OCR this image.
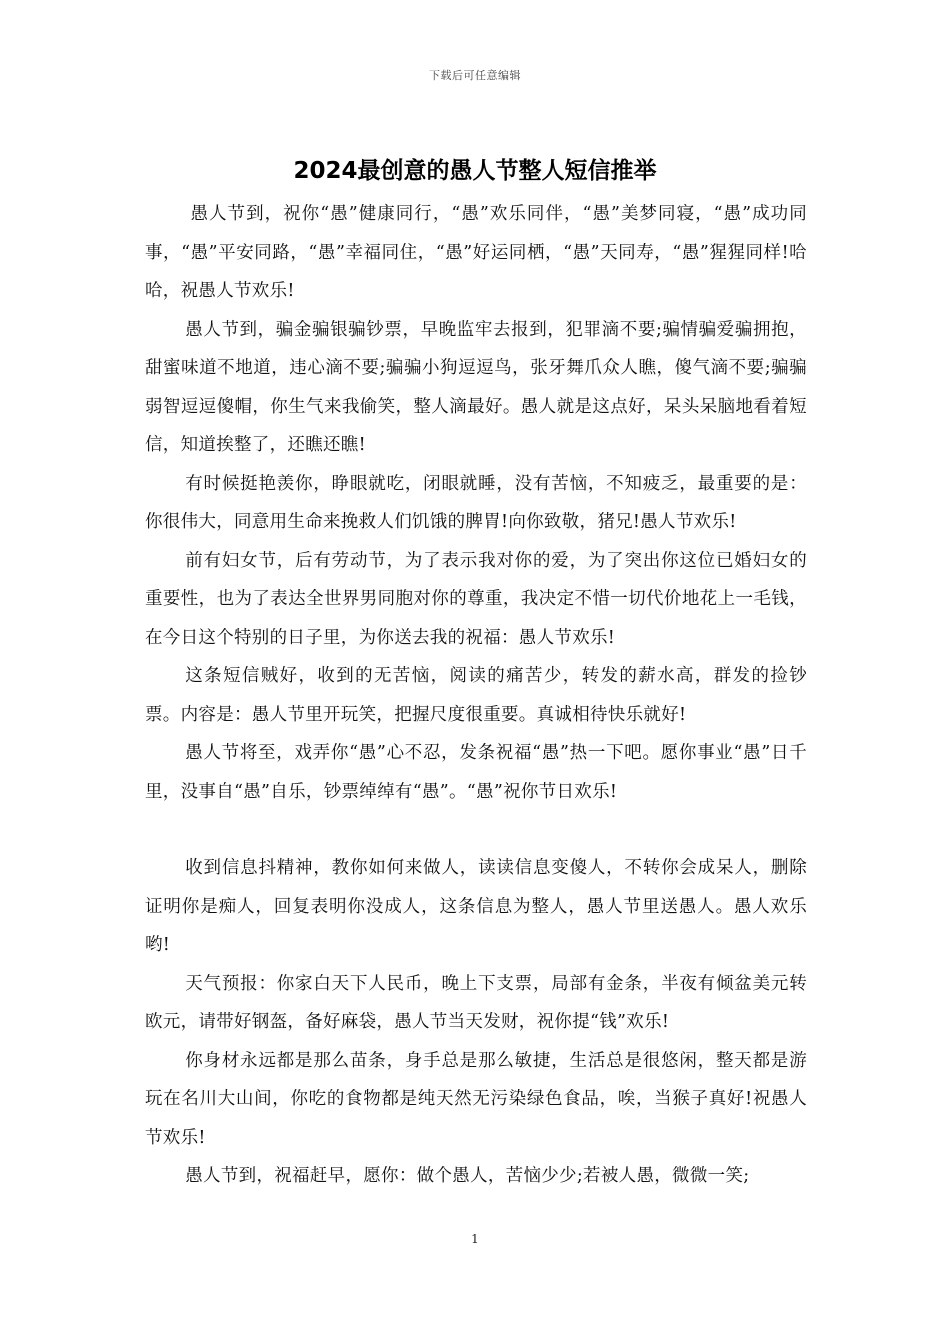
下载后可任意编辑
2024最创意的愚人节整人短信推举

愚人节到，祝你“愚”健康同行，“愚”欢乐同伴，“愚”美梦同寝，“愚”成功同事，“愚”平安同路，“愚”幸福同住，“愚”好运同栖，“愚”天同寿，“愚”猩猩同样!哈哈，祝愚人节欢乐!

愚人节到，骗金骗银骗钞票，早晚监牢去报到，犯罪滴不要;骗情骗爱骗拥抱，甜蜜味道不地道，违心滴不要;骗骗小狗逗逗鸟，张牙舞爪众人瞧，傻气滴不要;骗骗弱智逗逗傻帽，你生气来我偷笑，整人滴最好。愚人就是这点好，呆头呆脑地看着短信，知道挨整了，还瞧还瞧!

有时候挺艳羡你，睁眼就吃，闭眼就睡，没有苦恼，不知疲乏，最重要的是：你很伟大，同意用生命来挽救人们饥饿的脾胃!向你致敬，猪兄!愚人节欢乐!

前有妇女节，后有劳动节，为了表示我对你的爱，为了突出你这位已婚妇女的重要性，也为了表达全世界男同胞对你的尊重，我决定不惜一切代价地花上一毛钱，在今日这个特别的日子里，为你送去我的祝福：愚人节欢乐!

这条短信贼好，收到的无苦恼，阅读的痛苦少，转发的薪水高，群发的捡钞票。内容是：愚人节里开玩笑，把握尺度很重要。真诚相待快乐就好!

愚人节将至，戏弄你“愚”心不忍，发条祝福“愚”热一下吧。愿你事业“愚”日千里，没事自“愚”自乐，钞票绰绰有“愚”。“愚”祝你节日欢乐!

收到信息抖精神，教你如何来做人，读读信息变傻人，不转你会成呆人，删除证明你是痴人，回复表明你没成人，这条信息为整人，愚人节里送愚人。愚人欢乐哟!

天气预报：你家白天下人民币，晚上下支票，局部有金条，半夜有倾盆美元转欧元，请带好钢盔，备好麻袋，愚人节当天发财，祝你提“钱”欢乐!

你身材永远都是那么苗条，身手总是那么敏捷，生活总是很悠闲，整天都是游玩在名川大山间，你吃的食物都是纯天然无污染绿色食品，唉，当猴子真好!祝愚人节欢乐!

愚人节到，祝福赶早，愿你：做个愚人，苦恼少少;若被人愚，微微一笑;

1
